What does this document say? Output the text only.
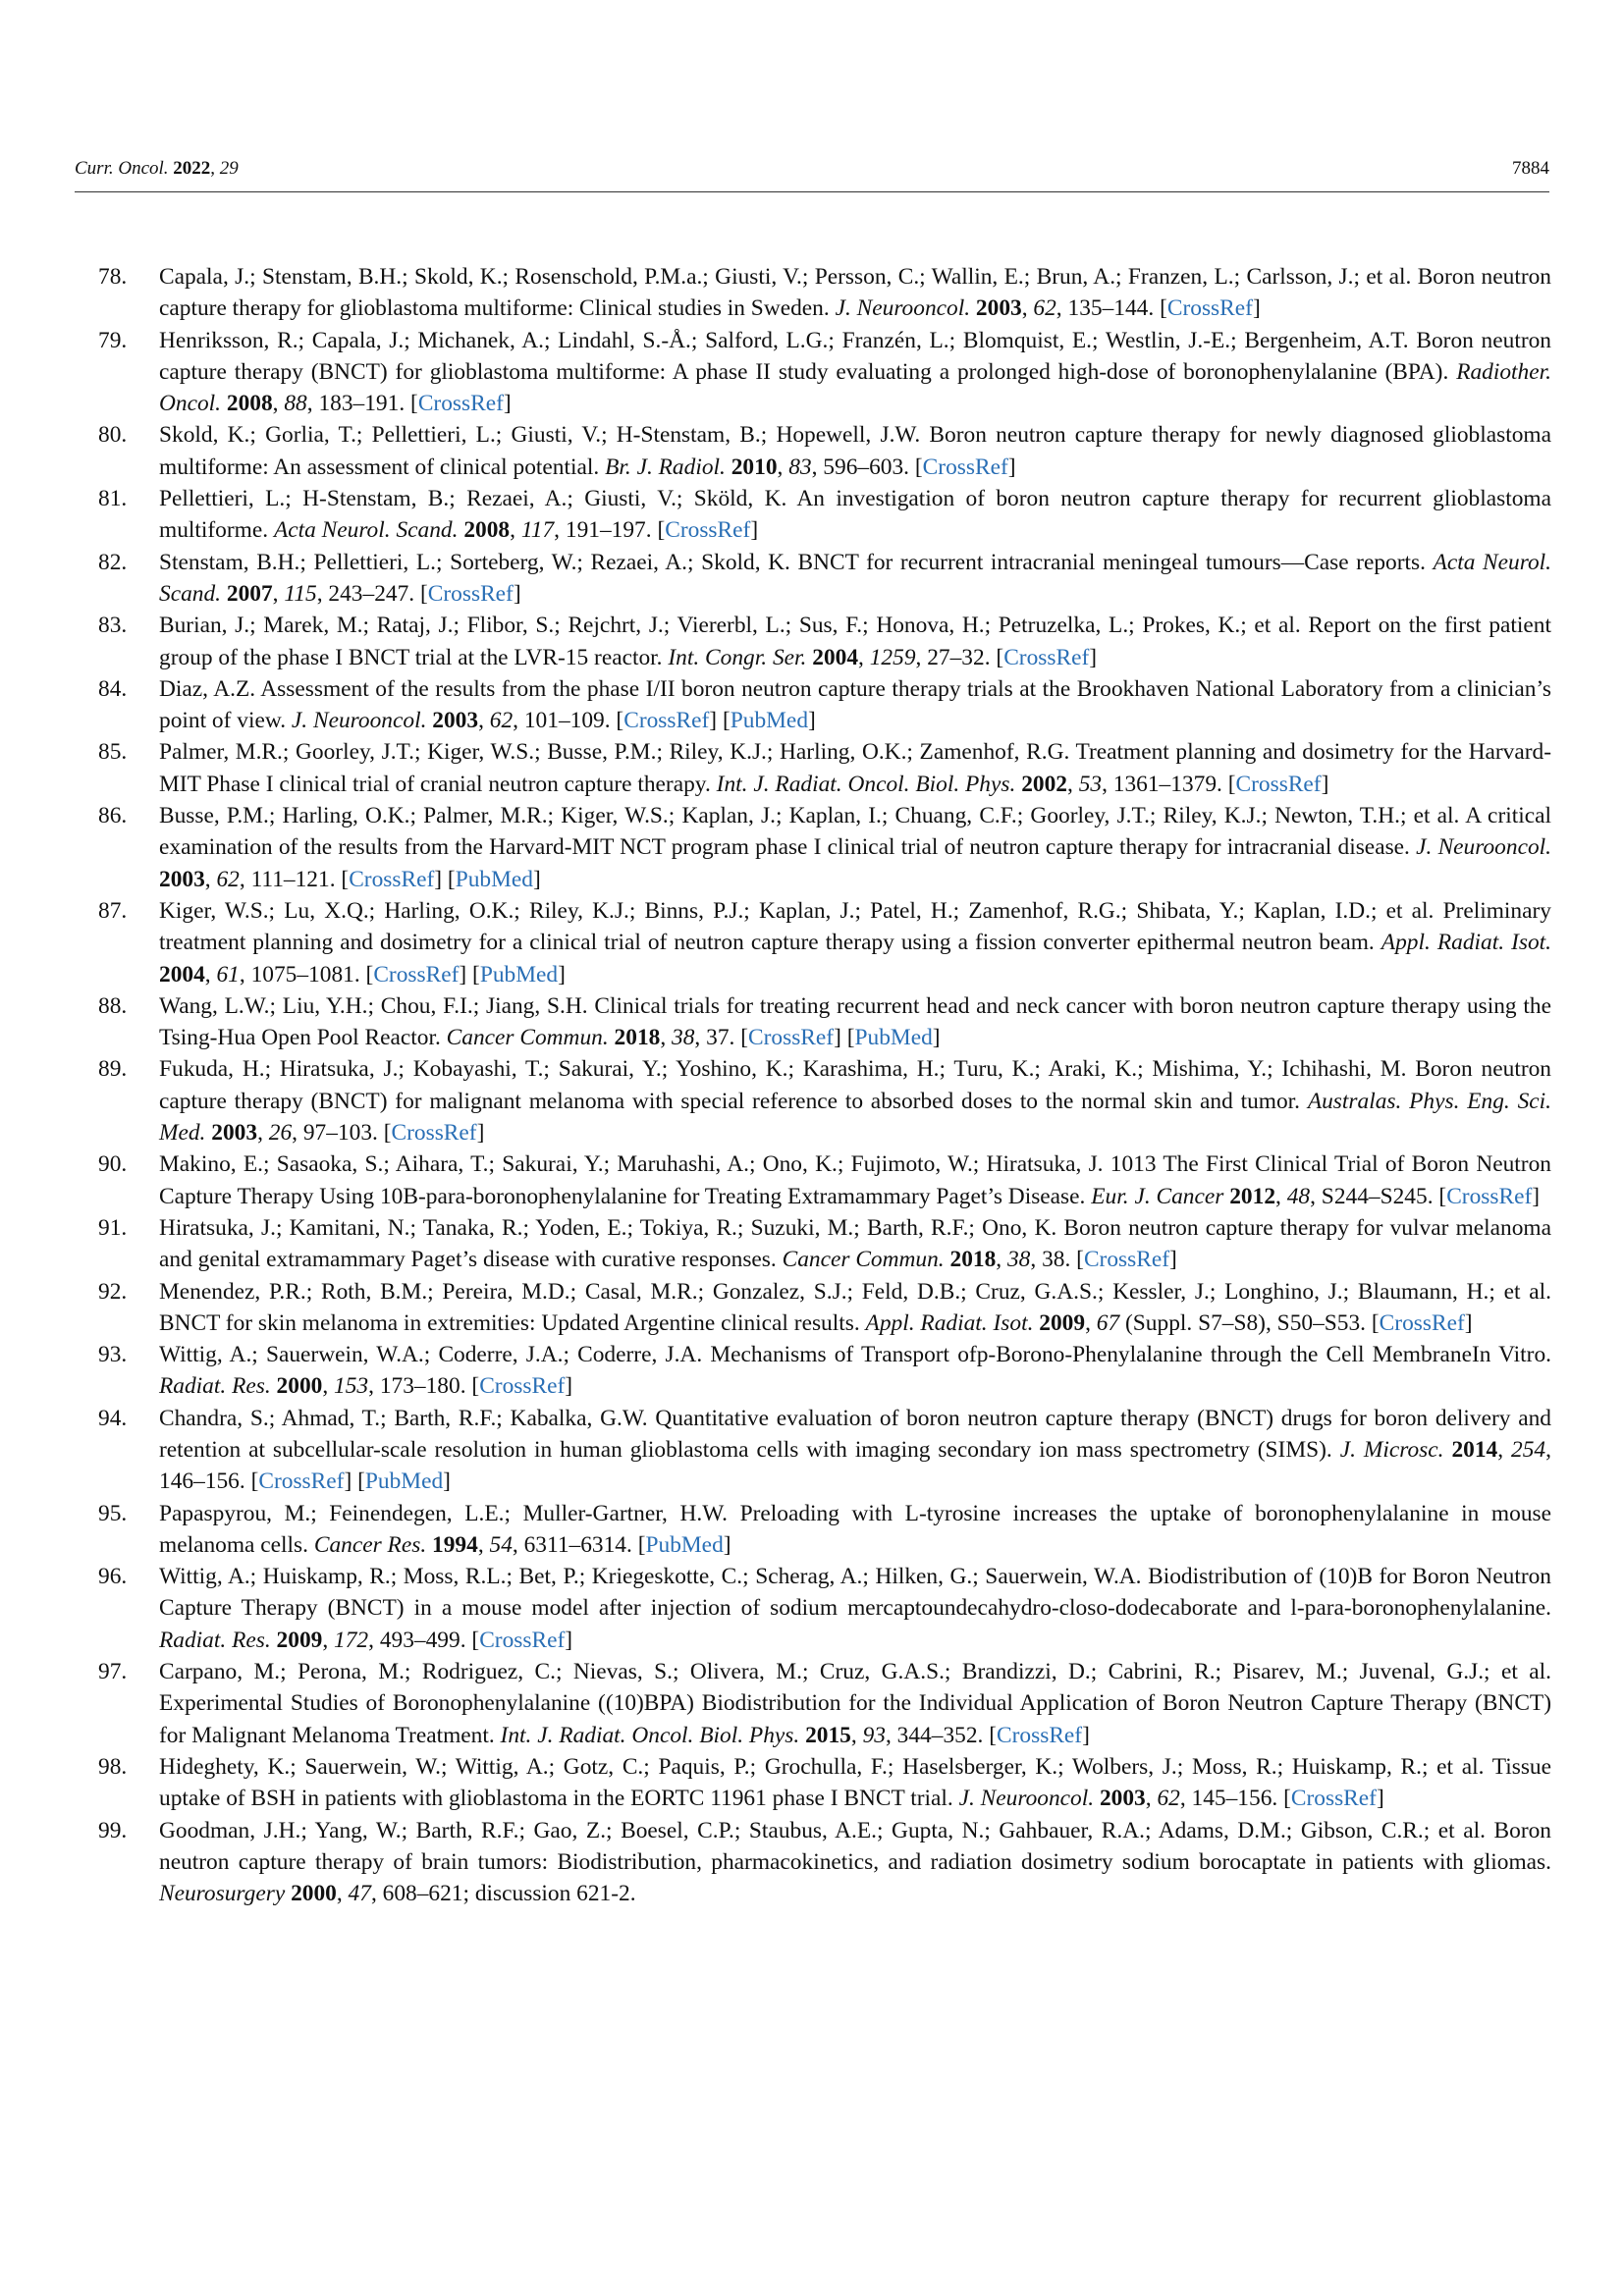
Curr. Oncol. 2022, 29	7884
78. Capala, J.; Stenstam, B.H.; Skold, K.; Rosenschold, P.M.a.; Giusti, V.; Persson, C.; Wallin, E.; Brun, A.; Franzen, L.; Carlsson, J.; et al. Boron neutron capture therapy for glioblastoma multiforme: Clinical studies in Sweden. J. Neurooncol. 2003, 62, 135–144. [CrossRef]
79. Henriksson, R.; Capala, J.; Michanek, A.; Lindahl, S.-Å.; Salford, L.G.; Franzén, L.; Blomquist, E.; Westlin, J.-E.; Bergenheim, A.T. Boron neutron capture therapy (BNCT) for glioblastoma multiforme: A phase II study evaluating a prolonged high-dose of boronophenylalanine (BPA). Radiother. Oncol. 2008, 88, 183–191. [CrossRef]
80. Skold, K.; Gorlia, T.; Pellettieri, L.; Giusti, V.; H-Stenstam, B.; Hopewell, J.W. Boron neutron capture therapy for newly diagnosed glioblastoma multiforme: An assessment of clinical potential. Br. J. Radiol. 2010, 83, 596–603. [CrossRef]
81. Pellettieri, L.; H-Stenstam, B.; Rezaei, A.; Giusti, V.; Sköld, K. An investigation of boron neutron capture therapy for recurrent glioblastoma multiforme. Acta Neurol. Scand. 2008, 117, 191–197. [CrossRef]
82. Stenstam, B.H.; Pellettieri, L.; Sorteberg, W.; Rezaei, A.; Skold, K. BNCT for recurrent intracranial meningeal tumours—Case reports. Acta Neurol. Scand. 2007, 115, 243–247. [CrossRef]
83. Burian, J.; Marek, M.; Rataj, J.; Flibor, S.; Rejchrt, J.; Viererbl, L.; Sus, F.; Honova, H.; Petruzelka, L.; Prokes, K.; et al. Report on the first patient group of the phase I BNCT trial at the LVR-15 reactor. Int. Congr. Ser. 2004, 1259, 27–32. [CrossRef]
84. Diaz, A.Z. Assessment of the results from the phase I/II boron neutron capture therapy trials at the Brookhaven National Laboratory from a clinician’s point of view. J. Neurooncol. 2003, 62, 101–109. [CrossRef] [PubMed]
85. Palmer, M.R.; Goorley, J.T.; Kiger, W.S.; Busse, P.M.; Riley, K.J.; Harling, O.K.; Zamenhof, R.G. Treatment planning and dosimetry for the Harvard-MIT Phase I clinical trial of cranial neutron capture therapy. Int. J. Radiat. Oncol. Biol. Phys. 2002, 53, 1361–1379. [CrossRef]
86. Busse, P.M.; Harling, O.K.; Palmer, M.R.; Kiger, W.S.; Kaplan, J.; Kaplan, I.; Chuang, C.F.; Goorley, J.T.; Riley, K.J.; Newton, T.H.; et al. A critical examination of the results from the Harvard-MIT NCT program phase I clinical trial of neutron capture therapy for intracranial disease. J. Neurooncol. 2003, 62, 111–121. [CrossRef] [PubMed]
87. Kiger, W.S.; Lu, X.Q.; Harling, O.K.; Riley, K.J.; Binns, P.J.; Kaplan, J.; Patel, H.; Zamenhof, R.G.; Shibata, Y.; Kaplan, I.D.; et al. Preliminary treatment planning and dosimetry for a clinical trial of neutron capture therapy using a fission converter epithermal neutron beam. Appl. Radiat. Isot. 2004, 61, 1075–1081. [CrossRef] [PubMed]
88. Wang, L.W.; Liu, Y.H.; Chou, F.I.; Jiang, S.H. Clinical trials for treating recurrent head and neck cancer with boron neutron capture therapy using the Tsing-Hua Open Pool Reactor. Cancer Commun. 2018, 38, 37. [CrossRef] [PubMed]
89. Fukuda, H.; Hiratsuka, J.; Kobayashi, T.; Sakurai, Y.; Yoshino, K.; Karashima, H.; Turu, K.; Araki, K.; Mishima, Y.; Ichihashi, M. Boron neutron capture therapy (BNCT) for malignant melanoma with special reference to absorbed doses to the normal skin and tumor. Australas. Phys. Eng. Sci. Med. 2003, 26, 97–103. [CrossRef]
90. Makino, E.; Sasaoka, S.; Aihara, T.; Sakurai, Y.; Maruhashi, A.; Ono, K.; Fujimoto, W.; Hiratsuka, J. 1013 The First Clinical Trial of Boron Neutron Capture Therapy Using 10B-para-boronophenylalanine for Treating Extramammary Paget’s Disease. Eur. J. Cancer 2012, 48, S244–S245. [CrossRef]
91. Hiratsuka, J.; Kamitani, N.; Tanaka, R.; Yoden, E.; Tokiya, R.; Suzuki, M.; Barth, R.F.; Ono, K. Boron neutron capture therapy for vulvar melanoma and genital extramammary Paget’s disease with curative responses. Cancer Commun. 2018, 38, 38. [CrossRef]
92. Menendez, P.R.; Roth, B.M.; Pereira, M.D.; Casal, M.R.; Gonzalez, S.J.; Feld, D.B.; Cruz, G.A.S.; Kessler, J.; Longhino, J.; Blaumann, H.; et al. BNCT for skin melanoma in extremities: Updated Argentine clinical results. Appl. Radiat. Isot. 2009, 67 (Suppl. S7–S8), S50–S53. [CrossRef]
93. Wittig, A.; Sauerwein, W.A.; Coderre, J.A.; Coderre, J.A. Mechanisms of Transport ofp-Borono-Phenylalanine through the Cell MembraneIn Vitro. Radiat. Res. 2000, 153, 173–180. [CrossRef]
94. Chandra, S.; Ahmad, T.; Barth, R.F.; Kabalka, G.W. Quantitative evaluation of boron neutron capture therapy (BNCT) drugs for boron delivery and retention at subcellular-scale resolution in human glioblastoma cells with imaging secondary ion mass spectrometry (SIMS). J. Microsc. 2014, 254, 146–156. [CrossRef] [PubMed]
95. Papaspyrou, M.; Feinendegen, L.E.; Muller-Gartner, H.W. Preloading with L-tyrosine increases the uptake of boronophenylalanine in mouse melanoma cells. Cancer Res. 1994, 54, 6311–6314. [PubMed]
96. Wittig, A.; Huiskamp, R.; Moss, R.L.; Bet, P.; Kriegeskotte, C.; Scherag, A.; Hilken, G.; Sauerwein, W.A. Biodistribution of (10)B for Boron Neutron Capture Therapy (BNCT) in a mouse model after injection of sodium mercaptoundecahydro-closo-dodecaborate and l-para-boronophenylalanine. Radiat. Res. 2009, 172, 493–499. [CrossRef]
97. Carpano, M.; Perona, M.; Rodriguez, C.; Nievas, S.; Olivera, M.; Cruz, G.A.S.; Brandizzi, D.; Cabrini, R.; Pisarev, M.; Juvenal, G.J.; et al. Experimental Studies of Boronophenylalanine ((10)BPA) Biodistribution for the Individual Application of Boron Neutron Capture Therapy (BNCT) for Malignant Melanoma Treatment. Int. J. Radiat. Oncol. Biol. Phys. 2015, 93, 344–352. [CrossRef]
98. Hideghety, K.; Sauerwein, W.; Wittig, A.; Gotz, C.; Paquis, P.; Grochulla, F.; Haselsberger, K.; Wolbers, J.; Moss, R.; Huiskamp, R.; et al. Tissue uptake of BSH in patients with glioblastoma in the EORTC 11961 phase I BNCT trial. J. Neurooncol. 2003, 62, 145–156. [CrossRef]
99. Goodman, J.H.; Yang, W.; Barth, R.F.; Gao, Z.; Boesel, C.P.; Staubus, A.E.; Gupta, N.; Gahbauer, R.A.; Adams, D.M.; Gibson, C.R.; et al. Boron neutron capture therapy of brain tumors: Biodistribution, pharmacokinetics, and radiation dosimetry sodium borocaptate in patients with gliomas. Neurosurgery 2000, 47, 608–621; discussion 621-2.
